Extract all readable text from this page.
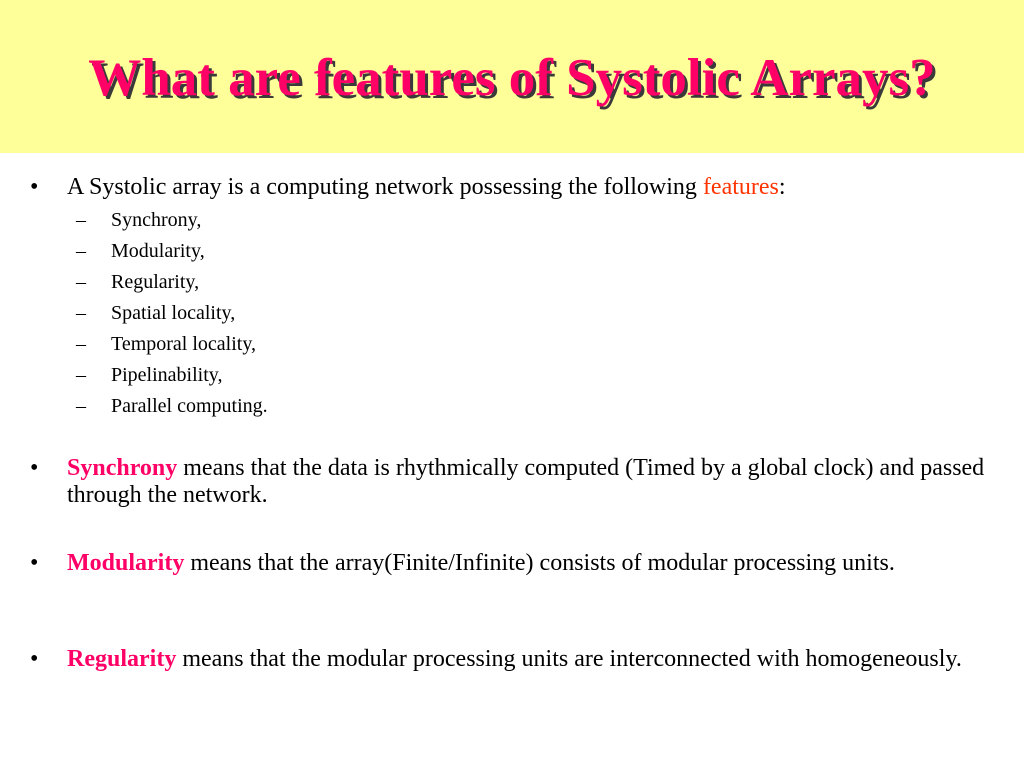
What are features of Systolic Arrays?
•	A Systolic array is a computing network possessing the following features:
– Synchrony,
– Modularity,
– Regularity,
– Spatial locality,
– Temporal locality,
– Pipelinability,
– Parallel computing.
•	Synchrony means that the data is rhythmically computed (Timed by a global clock) and passed through the network.
•	Modularity means that the array(Finite/Infinite) consists of modular processing units.
•	Regularity means that the modular processing units are interconnected with homogeneously.
